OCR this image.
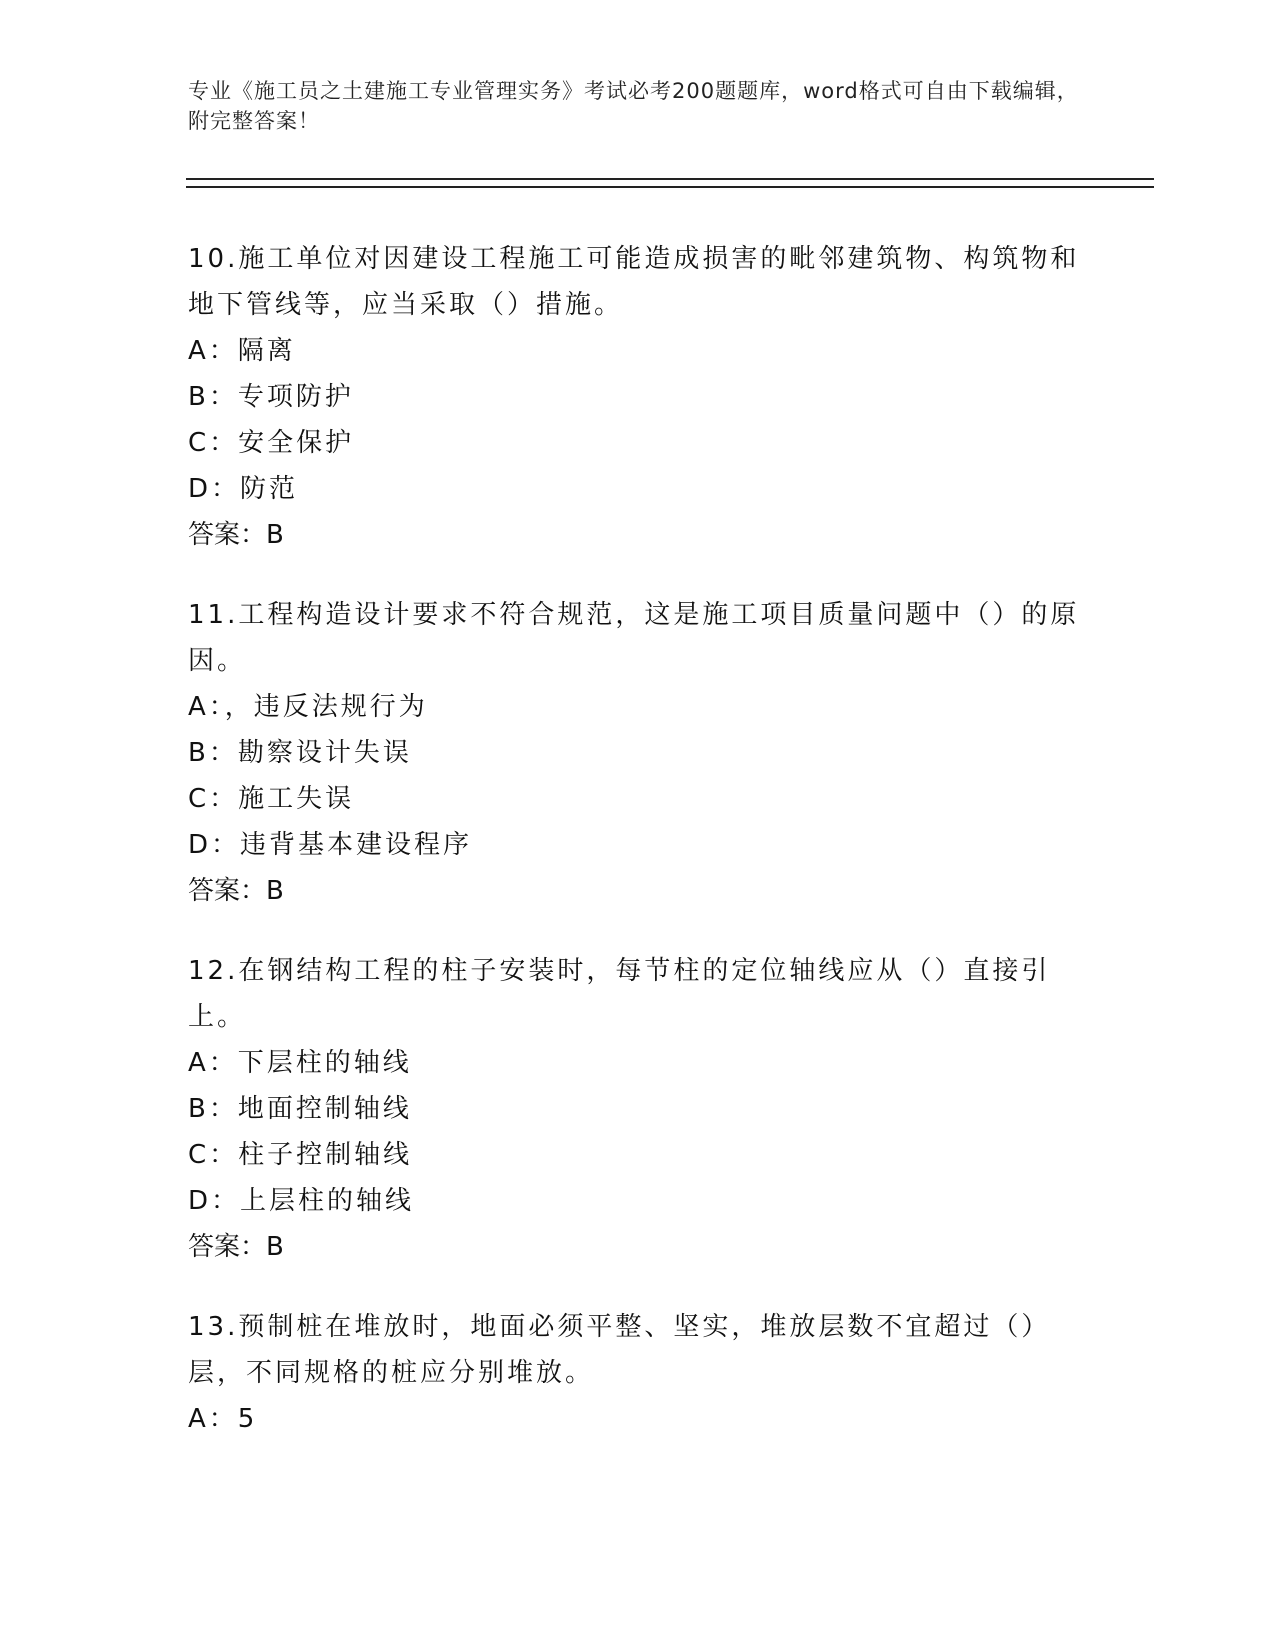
专业《施工员之土建施工专业管理实务》考试必考200题题库，word格式可自由下载编辑，附完整答案！

10.施工单位对因建设工程施工可能造成损害的毗邻建筑物、构筑物和地下管线等，应当采取（）措施。

A：隔离

B：专项防护

C：安全保护

D：防范

答案：B

11.工程构造设计要求不符合规范，这是施工项目质量问题中（）的原因。

A：，违反法规行为

B：勘察设计失误

C：施工失误

D：违背基本建设程序

答案：B

12.在钢结构工程的柱子安装时，每节柱的定位轴线应从（）直接引上。

A：下层柱的轴线

B：地面控制轴线

C：柱子控制轴线

D：上层柱的轴线

答案：B

13.预制桩在堆放时，地面必须平整、坚实，堆放层数不宜超过（）层，不同规格的桩应分别堆放。

A：5
